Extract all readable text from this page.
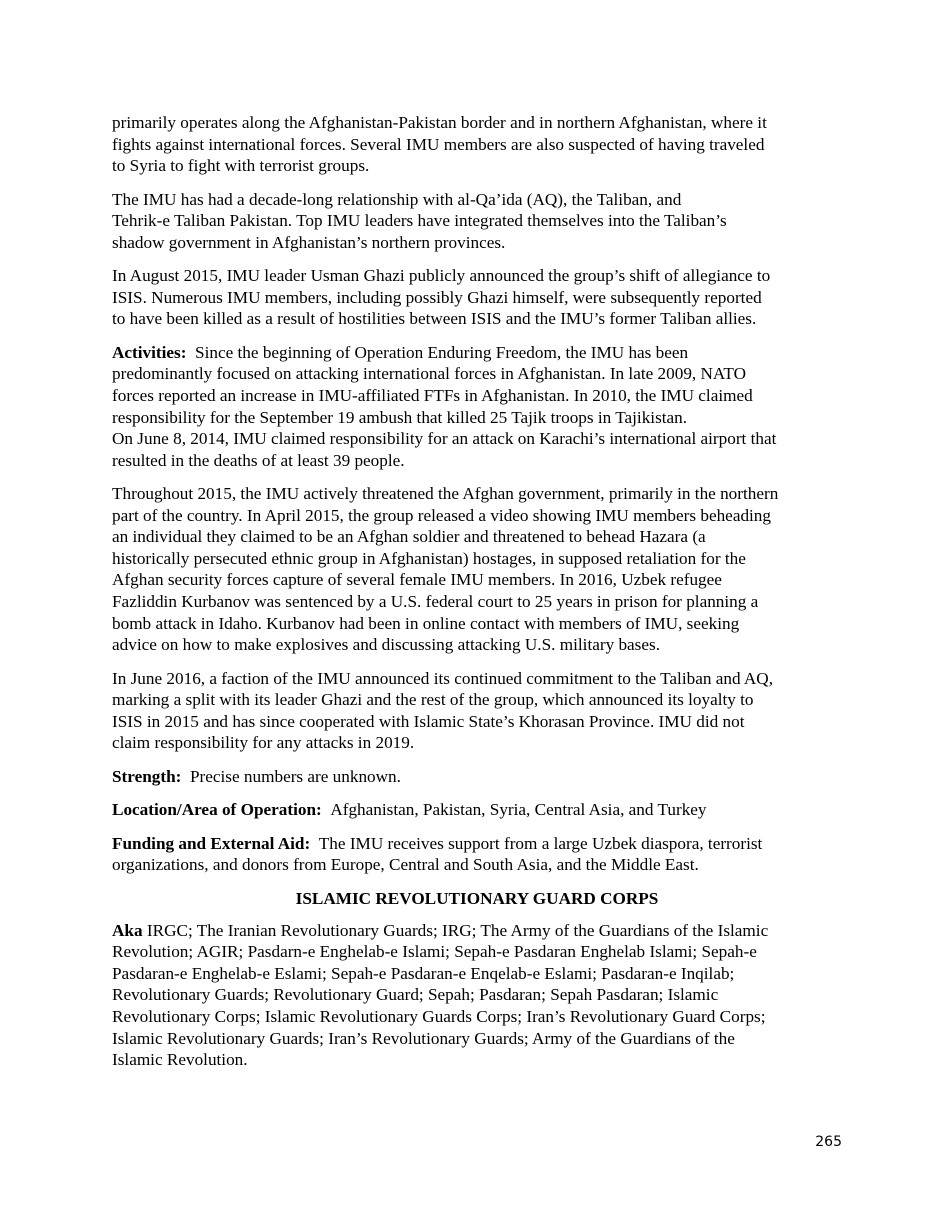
primarily operates along the Afghanistan-Pakistan border and in northern Afghanistan, where it
fights against international forces. Several IMU members are also suspected of having traveled
to Syria to fight with terrorist groups.
The IMU has had a decade-long relationship with al-Qa’ida (AQ), the Taliban, and
Tehrik-e Taliban Pakistan. Top IMU leaders have integrated themselves into the Taliban’s
shadow government in Afghanistan’s northern provinces.
In August 2015, IMU leader Usman Ghazi publicly announced the group’s shift of allegiance to
ISIS. Numerous IMU members, including possibly Ghazi himself, were subsequently reported
to have been killed as a result of hostilities between ISIS and the IMU’s former Taliban allies.
Activities: Since the beginning of Operation Enduring Freedom, the IMU has been
predominantly focused on attacking international forces in Afghanistan. In late 2009, NATO
forces reported an increase in IMU-affiliated FTFs in Afghanistan. In 2010, the IMU claimed
responsibility for the September 19 ambush that killed 25 Tajik troops in Tajikistan.
On June 8, 2014, IMU claimed responsibility for an attack on Karachi’s international airport that
resulted in the deaths of at least 39 people.
Throughout 2015, the IMU actively threatened the Afghan government, primarily in the northern
part of the country. In April 2015, the group released a video showing IMU members beheading
an individual they claimed to be an Afghan soldier and threatened to behead Hazara (a
historically persecuted ethnic group in Afghanistan) hostages, in supposed retaliation for the
Afghan security forces capture of several female IMU members. In 2016, Uzbek refugee
Fazliddin Kurbanov was sentenced by a U.S. federal court to 25 years in prison for planning a
bomb attack in Idaho. Kurbanov had been in online contact with members of IMU, seeking
advice on how to make explosives and discussing attacking U.S. military bases.
In June 2016, a faction of the IMU announced its continued commitment to the Taliban and AQ,
marking a split with its leader Ghazi and the rest of the group, which announced its loyalty to
ISIS in 2015 and has since cooperated with Islamic State’s Khorasan Province. IMU did not
claim responsibility for any attacks in 2019.
Strength: Precise numbers are unknown.
Location/Area of Operation: Afghanistan, Pakistan, Syria, Central Asia, and Turkey
Funding and External Aid: The IMU receives support from a large Uzbek diaspora, terrorist
organizations, and donors from Europe, Central and South Asia, and the Middle East.
ISLAMIC REVOLUTIONARY GUARD CORPS
Aka IRGC; The Iranian Revolutionary Guards; IRG; The Army of the Guardians of the Islamic
Revolution; AGIR; Pasdarn-e Enghelab-e Islami; Sepah-e Pasdaran Enghelab Islami; Sepah-e
Pasdaran-e Enghelab-e Eslami; Sepah-e Pasdaran-e Enqelab-e Eslami; Pasdaran-e Inqilab;
Revolutionary Guards; Revolutionary Guard; Sepah; Pasdaran; Sepah Pasdaran; Islamic
Revolutionary Corps; Islamic Revolutionary Guards Corps; Iran’s Revolutionary Guard Corps;
Islamic Revolutionary Guards; Iran’s Revolutionary Guards; Army of the Guardians of the
Islamic Revolution.
265
